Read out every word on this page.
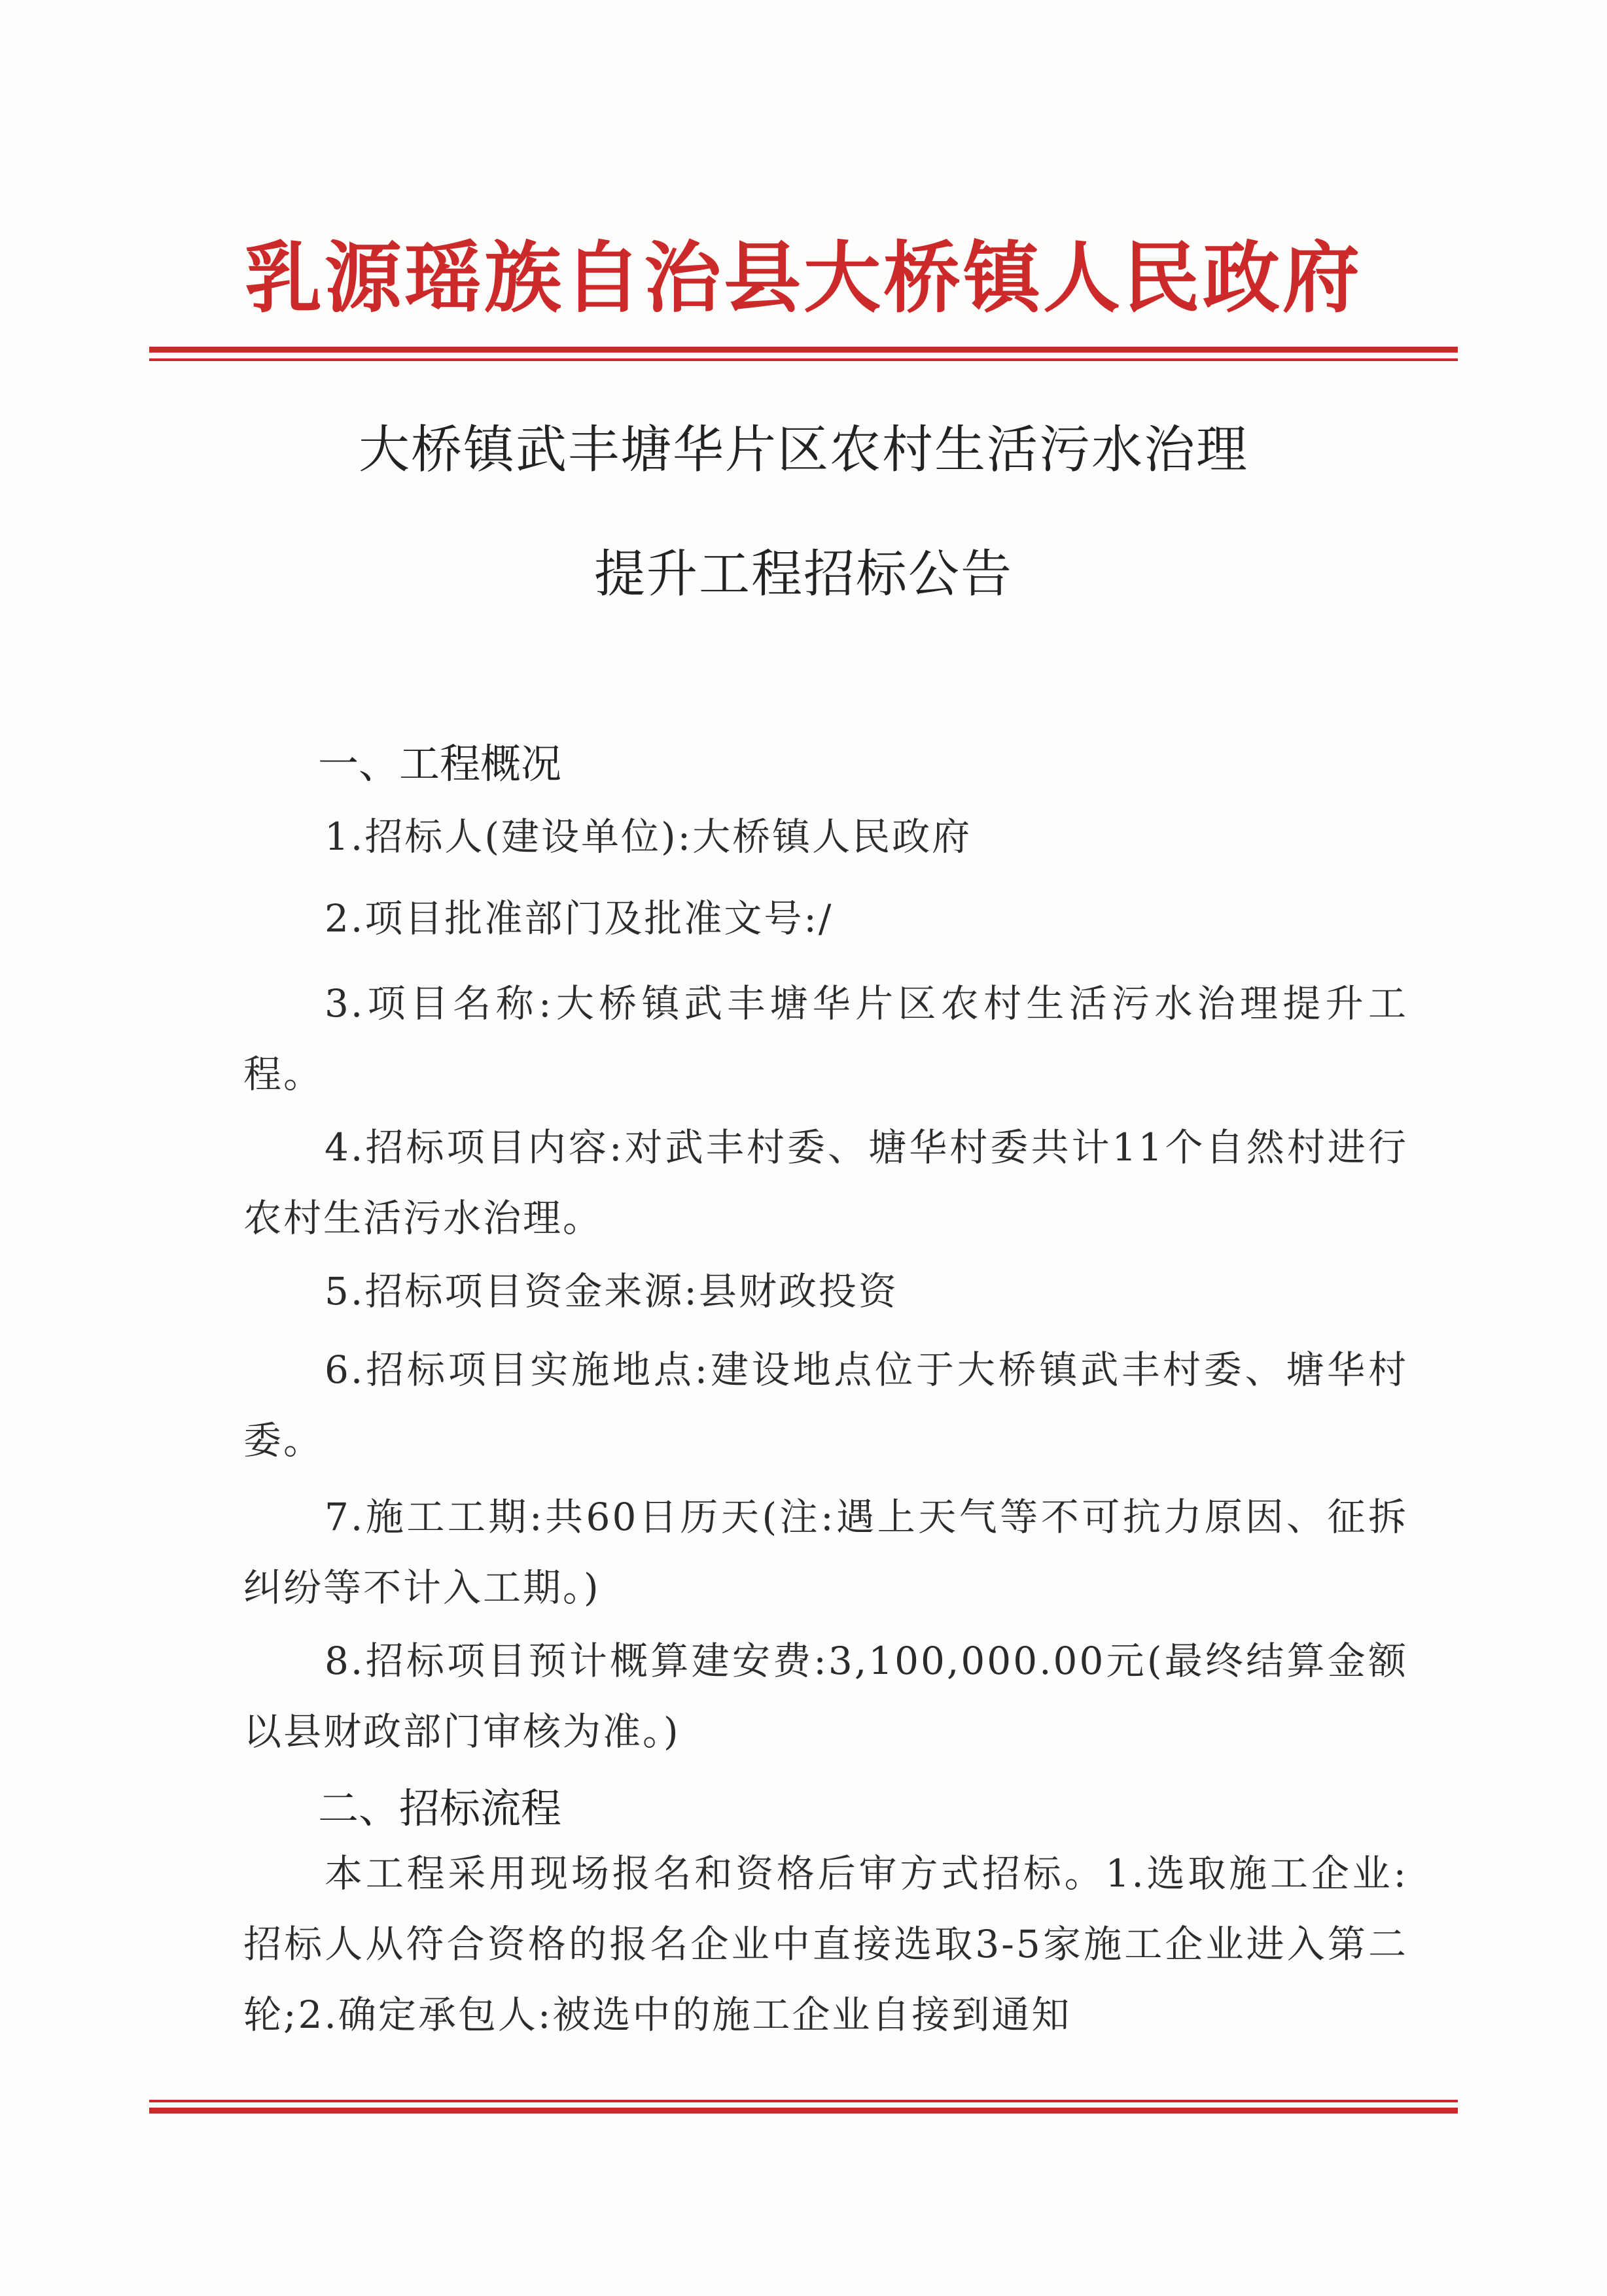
乳源瑶族自治县大桥镇人民政府
大桥镇武丰塘华片区农村生活污水治理
提升工程招标公告
一、工程概况
1.招标人(建设单位):大桥镇人民政府
2.项目批准部门及批准文号:/
3.项目名称:大桥镇武丰塘华片区农村生活污水治理提升工程。
4.招标项目内容:对武丰村委、塘华村委共计11个自然村进行农村生活污水治理。
5.招标项目资金来源:县财政投资
6.招标项目实施地点:建设地点位于大桥镇武丰村委、塘华村委。
7.施工工期:共60日历天(注:遇上天气等不可抗力原因、征拆纠纷等不计入工期。)
8.招标项目预计概算建安费:3,100,000.00元(最终结算金额以县财政部门审核为准。)
二、招标流程
本工程采用现场报名和资格后审方式招标。1.选取施工企业:招标人从符合资格的报名企业中直接选取3-5家施工企业进入第二轮;2.确定承包人:被选中的施工企业自接到通知
